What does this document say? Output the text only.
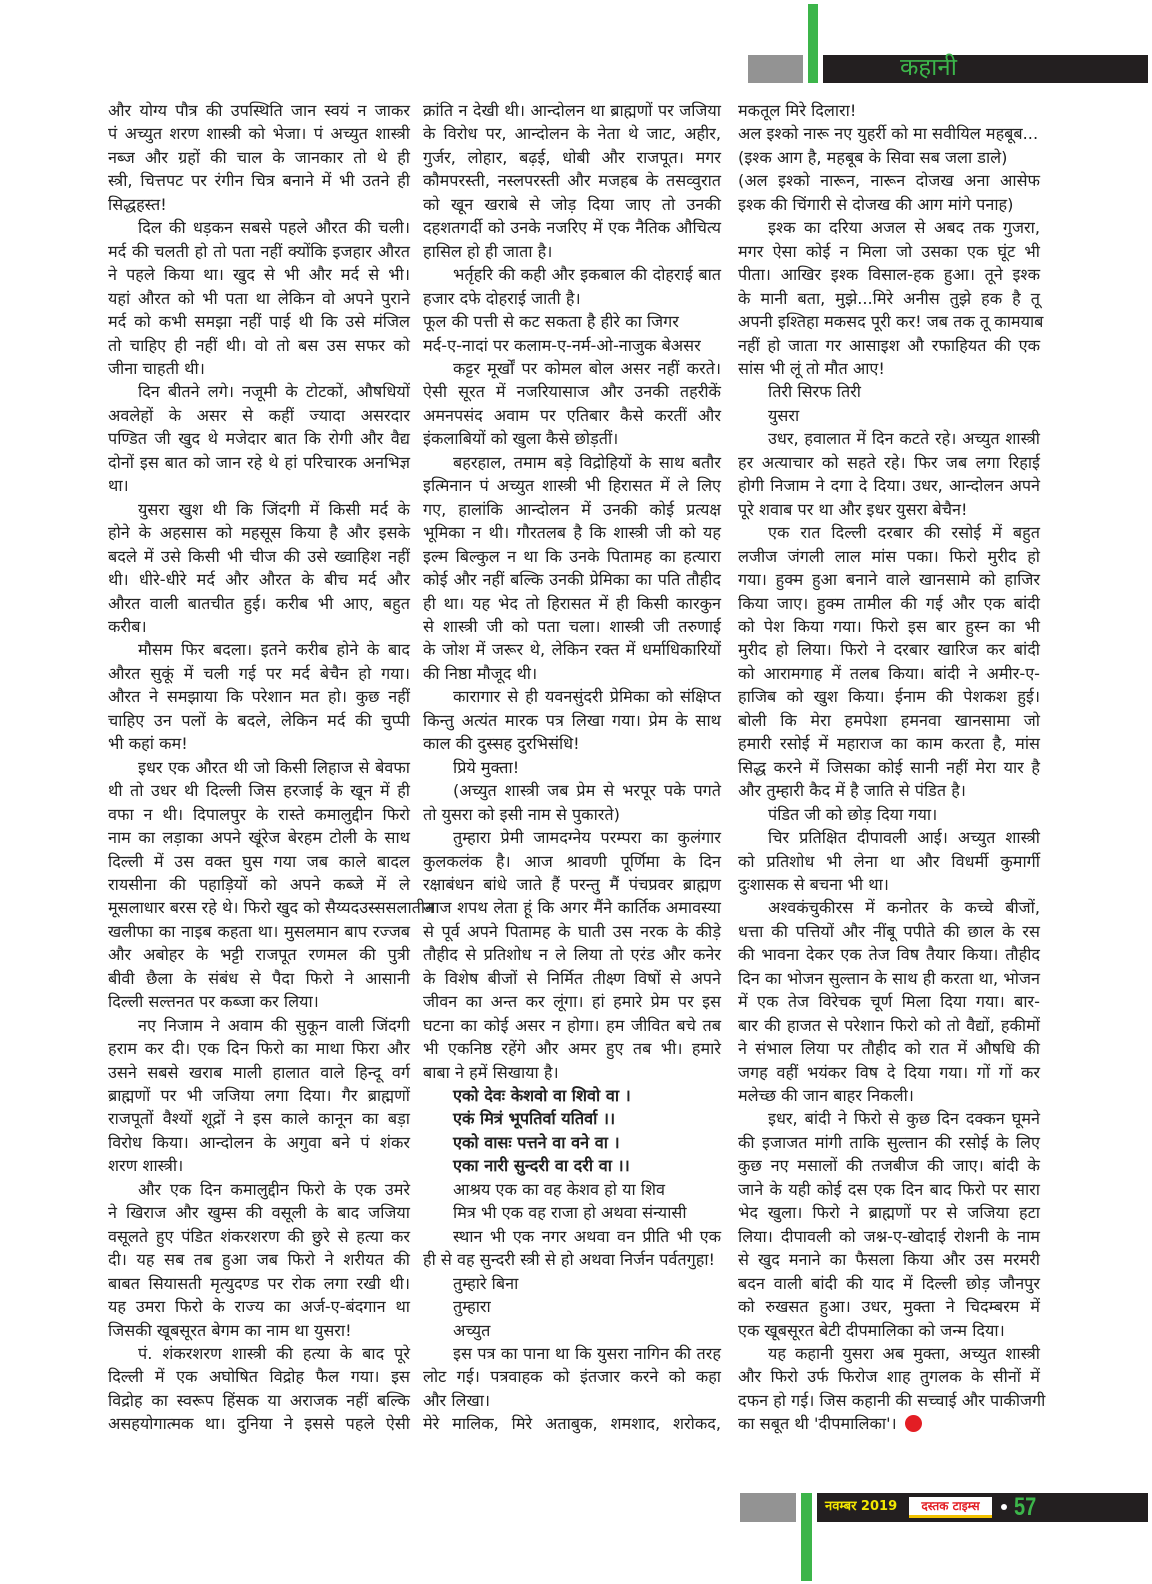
कहानी
और योग्य पौत्र की उपस्थिति जान स्वयं न जाकर
पं अच्युत शरण शास्त्री को भेजा। पं अच्युत शास्त्री
नब्ज और ग्रहों की चाल के जानकार तो थे ही
स्त्री, चित्तपट पर रंगीन चित्र बनाने में भी उतने ही
सिद्धहस्त!
दिल की धड़कन सबसे पहले औरत की चली।
मर्द की चलती हो तो पता नहीं क्योंकि इजहार औरत
ने पहले किया था। खुद से भी और मर्द से भी।
यहां औरत को भी पता था लेकिन वो अपने पुराने
मर्द को कभी समझा नहीं पाई थी कि उसे मंजिल
तो चाहिए ही नहीं थी। वो तो बस उस सफर को
जीना चाहती थी।
दिन बीतने लगे। नजूमी के टोटकों, औषधियों
अवलेहों के असर से कहीं ज्यादा असरदार
पण्डित जी खुद थे मजेदार बात कि रोगी और वैद्य
दोनों इस बात को जान रहे थे हां परिचारक अनभिज्ञ
था।
युसरा खुश थी कि जिंदगी में किसी मर्द के
होने के अहसास को महसूस किया है और इसके
बदले में उसे किसी भी चीज की उसे ख्वाहिश नहीं
थी। धीरे-धीरे मर्द और औरत के बीच मर्द और
औरत वाली बातचीत हुई। करीब भी आए, बहुत
करीब।
मौसम फिर बदला। इतने करीब होने के बाद
औरत सुकूं में चली गई पर मर्द बेचैन हो गया।
औरत ने समझाया कि परेशान मत हो। कुछ नहीं
चाहिए उन पलों के बदले, लेकिन मर्द की चुप्पी
भी कहां कम!
इधर एक औरत थी जो किसी लिहाज से बेवफा
थी तो उधर थी दिल्ली जिस हरजाई के खून में ही
वफा न थी। दिपालपुर के रास्ते कमालुद्दीन फिरो
नाम का लड़ाका अपने खूंरेज बेरहम टोली के साथ
दिल्ली में उस वक्त घुस गया जब काले बादल
रायसीना की पहाड़ियों को अपने कब्जे में ले
मूसलाधार बरस रहे थे। फिरो खुद को सैय्यदउस्ससलातीन
खलीफा का नाइब कहता था। मुसलमान बाप रज्जब
और अबोहर के भट्टी राजपूत रणमल की पुत्री
बीवी छैला के संबंध से पैदा फिरो ने आसानी
दिल्ली सल्तनत पर कब्जा कर लिया।
नए निजाम ने अवाम की सुकून वाली जिंदगी
हराम कर दी। एक दिन फिरो का माथा फिरा और
उसने सबसे खराब माली हालात वाले हिन्दू वर्ग
ब्राह्मणों पर भी जजिया लगा दिया। गैर ब्राह्मणों
राजपूतों वैश्यों शूद्रों ने इस काले कानून का बड़ा
विरोध किया। आन्दोलन के अगुवा बने पं शंकर
शरण शास्त्री।
और एक दिन कमालुद्दीन फिरो के एक उमरे
ने खिराज और खुम्स की वसूली के बाद जजिया
वसूलते हुए पंडित शंकरशरण की छुरे से हत्या कर
दी। यह सब तब हुआ जब फिरो ने शरीयत की
बाबत सियासती मृत्युदण्ड पर रोक लगा रखी थी।
यह उमरा फिरो के राज्य का अर्ज-ए-बंदगान था
जिसकी खूबसूरत बेगम का नाम था युसरा!
पं. शंकरशरण शास्त्री की हत्या के बाद पूरे
दिल्ली में एक अघोषित विद्रोह फैल गया। इस
विद्रोह का स्वरूप हिंसक या अराजक नहीं बल्कि
असहयोगात्मक था। दुनिया ने इससे पहले ऐसी
क्रांति न देखी थी। आन्दोलन था ब्राह्मणों पर जजिया
के विरोध पर, आन्दोलन के नेता थे जाट, अहीर,
गुर्जर, लोहार, बढ़ई, धोबी और राजपूत। मगर
कौमपरस्ती, नस्लपरस्ती और मजहब के तसव्वुरात
को खून खराबे से जोड़ दिया जाए तो उनकी
दहशतगर्दी को उनके नजरिए में एक नैतिक औचित्य
हासिल हो ही जाता है।
भर्तृहरि की कही और इकबाल की दोहराई बात
हजार दफे दोहराई जाती है।
फूल की पत्ती से कट सकता है हीरे का जिगर
मर्द-ए-नादां पर कलाम-ए-नर्म-ओ-नाजुक बेअसर
कट्टर मूर्खों पर कोमल बोल असर नहीं करते।
ऐसी सूरत में नजरियासाज और उनकी तहरीकें
अमनपसंद अवाम पर एतिबार कैसे करतीं और
इंकलाबियों को खुला कैसे छोड़तीं।
बहरहाल, तमाम बड़े विद्रोहियों के साथ बतौर
इत्मिनान पं अच्युत शास्त्री भी हिरासत में ले लिए
गए, हालांकि आन्दोलन में उनकी कोई प्रत्यक्ष
भूमिका न थी। गौरतलब है कि शास्त्री जी को यह
इल्म बिल्कुल न था कि उनके पितामह का हत्यारा
कोई और नहीं बल्कि उनकी प्रेमिका का पति तौहीद
ही था। यह भेद तो हिरासत में ही किसी कारकुन
से शास्त्री जी को पता चला। शास्त्री जी तरुणाई
के जोश में जरूर थे, लेकिन रक्त में धर्माधिकारियों
की निष्ठा मौजूद थी।
कारागार से ही यवनसुंदरी प्रेमिका को संक्षिप्त
किन्तु अत्यंत मारक पत्र लिखा गया। प्रेम के साथ
काल की दुस्सह दुरभिसंधि!
प्रिये मुक्ता!
(अच्युत शास्त्री जब प्रेम से भरपूर पके पगते
तो युसरा को इसी नाम से पुकारते)
तुम्हारा प्रेमी जामदग्नेय परम्परा का कुलंगार
कुलकलंक है। आज श्रावणी पूर्णिमा के दिन
रक्षाबंधन बांधे जाते हैं परन्तु मैं पंचप्रवर ब्राह्मण
आज शपथ लेता हूं कि अगर मैंने कार्तिक अमावस्या
से पूर्व अपने पितामह के घाती उस नरक के कीड़े
तौहीद से प्रतिशोध न ले लिया तो एरंड और कनेर
के विशेष बीजों से निर्मित तीक्ष्ण विषों से अपने
जीवन का अन्त कर लूंगा। हां हमारे प्रेम पर इस
घटना का कोई असर न होगा। हम जीवित बचे तब
भी एकनिष्ठ रहेंगे और अमर हुए तब भी। हमारे
बाबा ने हमें सिखाया है।
एको देवः केशवो वा शिवो वा ।
एकं मित्रं भूपतिर्वा यतिर्वा ।।
एको वासः पत्तने वा वने वा ।
एका नारी सुन्दरी वा दरी वा ।।
आश्रय एक का वह केशव हो या शिव
मित्र भी एक वह राजा हो अथवा संन्यासी
स्थान भी एक नगर अथवा वन प्रीति भी एक
ही से वह सुन्दरी स्त्री से हो अथवा निर्जन पर्वतगुहा!
तुम्हारे बिना
तुम्हारा
अच्युत
इस पत्र का पाना था कि युसरा नागिन की तरह
लोट गई। पत्रवाहक को इंतजार करने को कहा
और लिखा।
मेरे मालिक, मिरे अताबुक, शमशाद, शरोकद,
मकतूल मिरे दिलारा!
अल इश्को नारू नए युहर्री को मा सवीयिल महबूब...
(इश्क आग है, महबूब के सिवा सब जला डाले)
(अल इश्को नारून, नारून दोजख अना आसेफ
इश्क की चिंगारी से दोजख की आग मांगे पनाह)
इश्क का दरिया अजल से अबद तक गुजरा,
मगर ऐसा कोई न मिला जो उसका एक घूंट भी
पीता। आखिर इश्क विसाल-हक हुआ। तूने इश्क
के मानी बता, मुझे...मिरे अनीस तुझे हक है तू
अपनी इश्तिहा मकसद पूरी कर! जब तक तू कामयाब
नहीं हो जाता गर आसाइश औ रफाहियत की एक
सांस भी लूं तो मौत आए!
तिरी सिरफ तिरी
युसरा
उधर, हवालात में दिन कटते रहे। अच्युत शास्त्री
हर अत्याचार को सहते रहे। फिर जब लगा रिहाई
होगी निजाम ने दगा दे दिया। उधर, आन्दोलन अपने
पूरे शवाब पर था और इधर युसरा बेचैन!
एक रात दिल्ली दरबार की रसोई में बहुत
लजीज जंगली लाल मांस पका। फिरो मुरीद हो
गया। हुक्म हुआ बनाने वाले खानसामे को हाजिर
किया जाए। हुक्म तामील की गई और एक बांदी
को पेश किया गया। फिरो इस बार हुस्न का भी
मुरीद हो लिया। फिरो ने दरबार खारिज कर बांदी
को आरामगाह में तलब किया। बांदी ने अमीर-ए-
हाजिब को खुश किया। ईनाम की पेशकश हुई।
बोली कि मेरा हमपेशा हमनवा खानसामा जो
हमारी रसोई में महाराज का काम करता है, मांस
सिद्ध करने में जिसका कोई सानी नहीं मेरा यार है
और तुम्हारी कैद में है जाति से पंडित है।
पंडित जी को छोड़ दिया गया।
चिर प्रतिक्षित दीपावली आई। अच्युत शास्त्री
को प्रतिशोध भी लेना था और विधर्मी कुमार्गी
दुःशासक से बचना भी था।
अश्वकंचुकीरस में कनोतर के कच्चे बीजों,
धत्ता की पत्तियों और नींबू पपीते की छाल के रस
की भावना देकर एक तेज विष तैयार किया। तौहीद
दिन का भोजन सुल्तान के साथ ही करता था, भोजन
में एक तेज विरेचक चूर्ण मिला दिया गया। बार-
बार की हाजत से परेशान फिरो को तो वैद्यों, हकीमों
ने संभाल लिया पर तौहीद को रात में औषधि की
जगह वहीं भयंकर विष दे दिया गया। गों गों कर
मलेच्छ की जान बाहर निकली।
इधर, बांदी ने फिरो से कुछ दिन दक्कन घूमने
की इजाजत मांगी ताकि सुल्तान की रसोई के लिए
कुछ नए मसालों की तजबीज की जाए। बांदी के
जाने के यही कोई दस एक दिन बाद फिरो पर सारा
भेद खुला। फिरो ने ब्राह्मणों पर से जजिया हटा
लिया। दीपावली को जश्न-ए-खोदाई रोशनी के नाम
से खुद मनाने का फैसला किया और उस मरमरी
बदन वाली बांदी की याद में दिल्ली छोड़ जौनपुर
को रुखसत हुआ। उधर, मुक्ता ने चिदम्बरम में
एक खूबसूरत बेटी दीपमालिका को जन्म दिया।
यह कहानी युसरा अब मुक्ता, अच्युत शास्त्री
और फिरो उर्फ फिरोज शाह तुगलक के सीनों में
दफन हो गई। जिस कहानी की सच्चाई और पाकीजगी
का सबूत थी 'दीपमालिका'।
नवम्बर 2019	दस्तक टाइम्स	57
